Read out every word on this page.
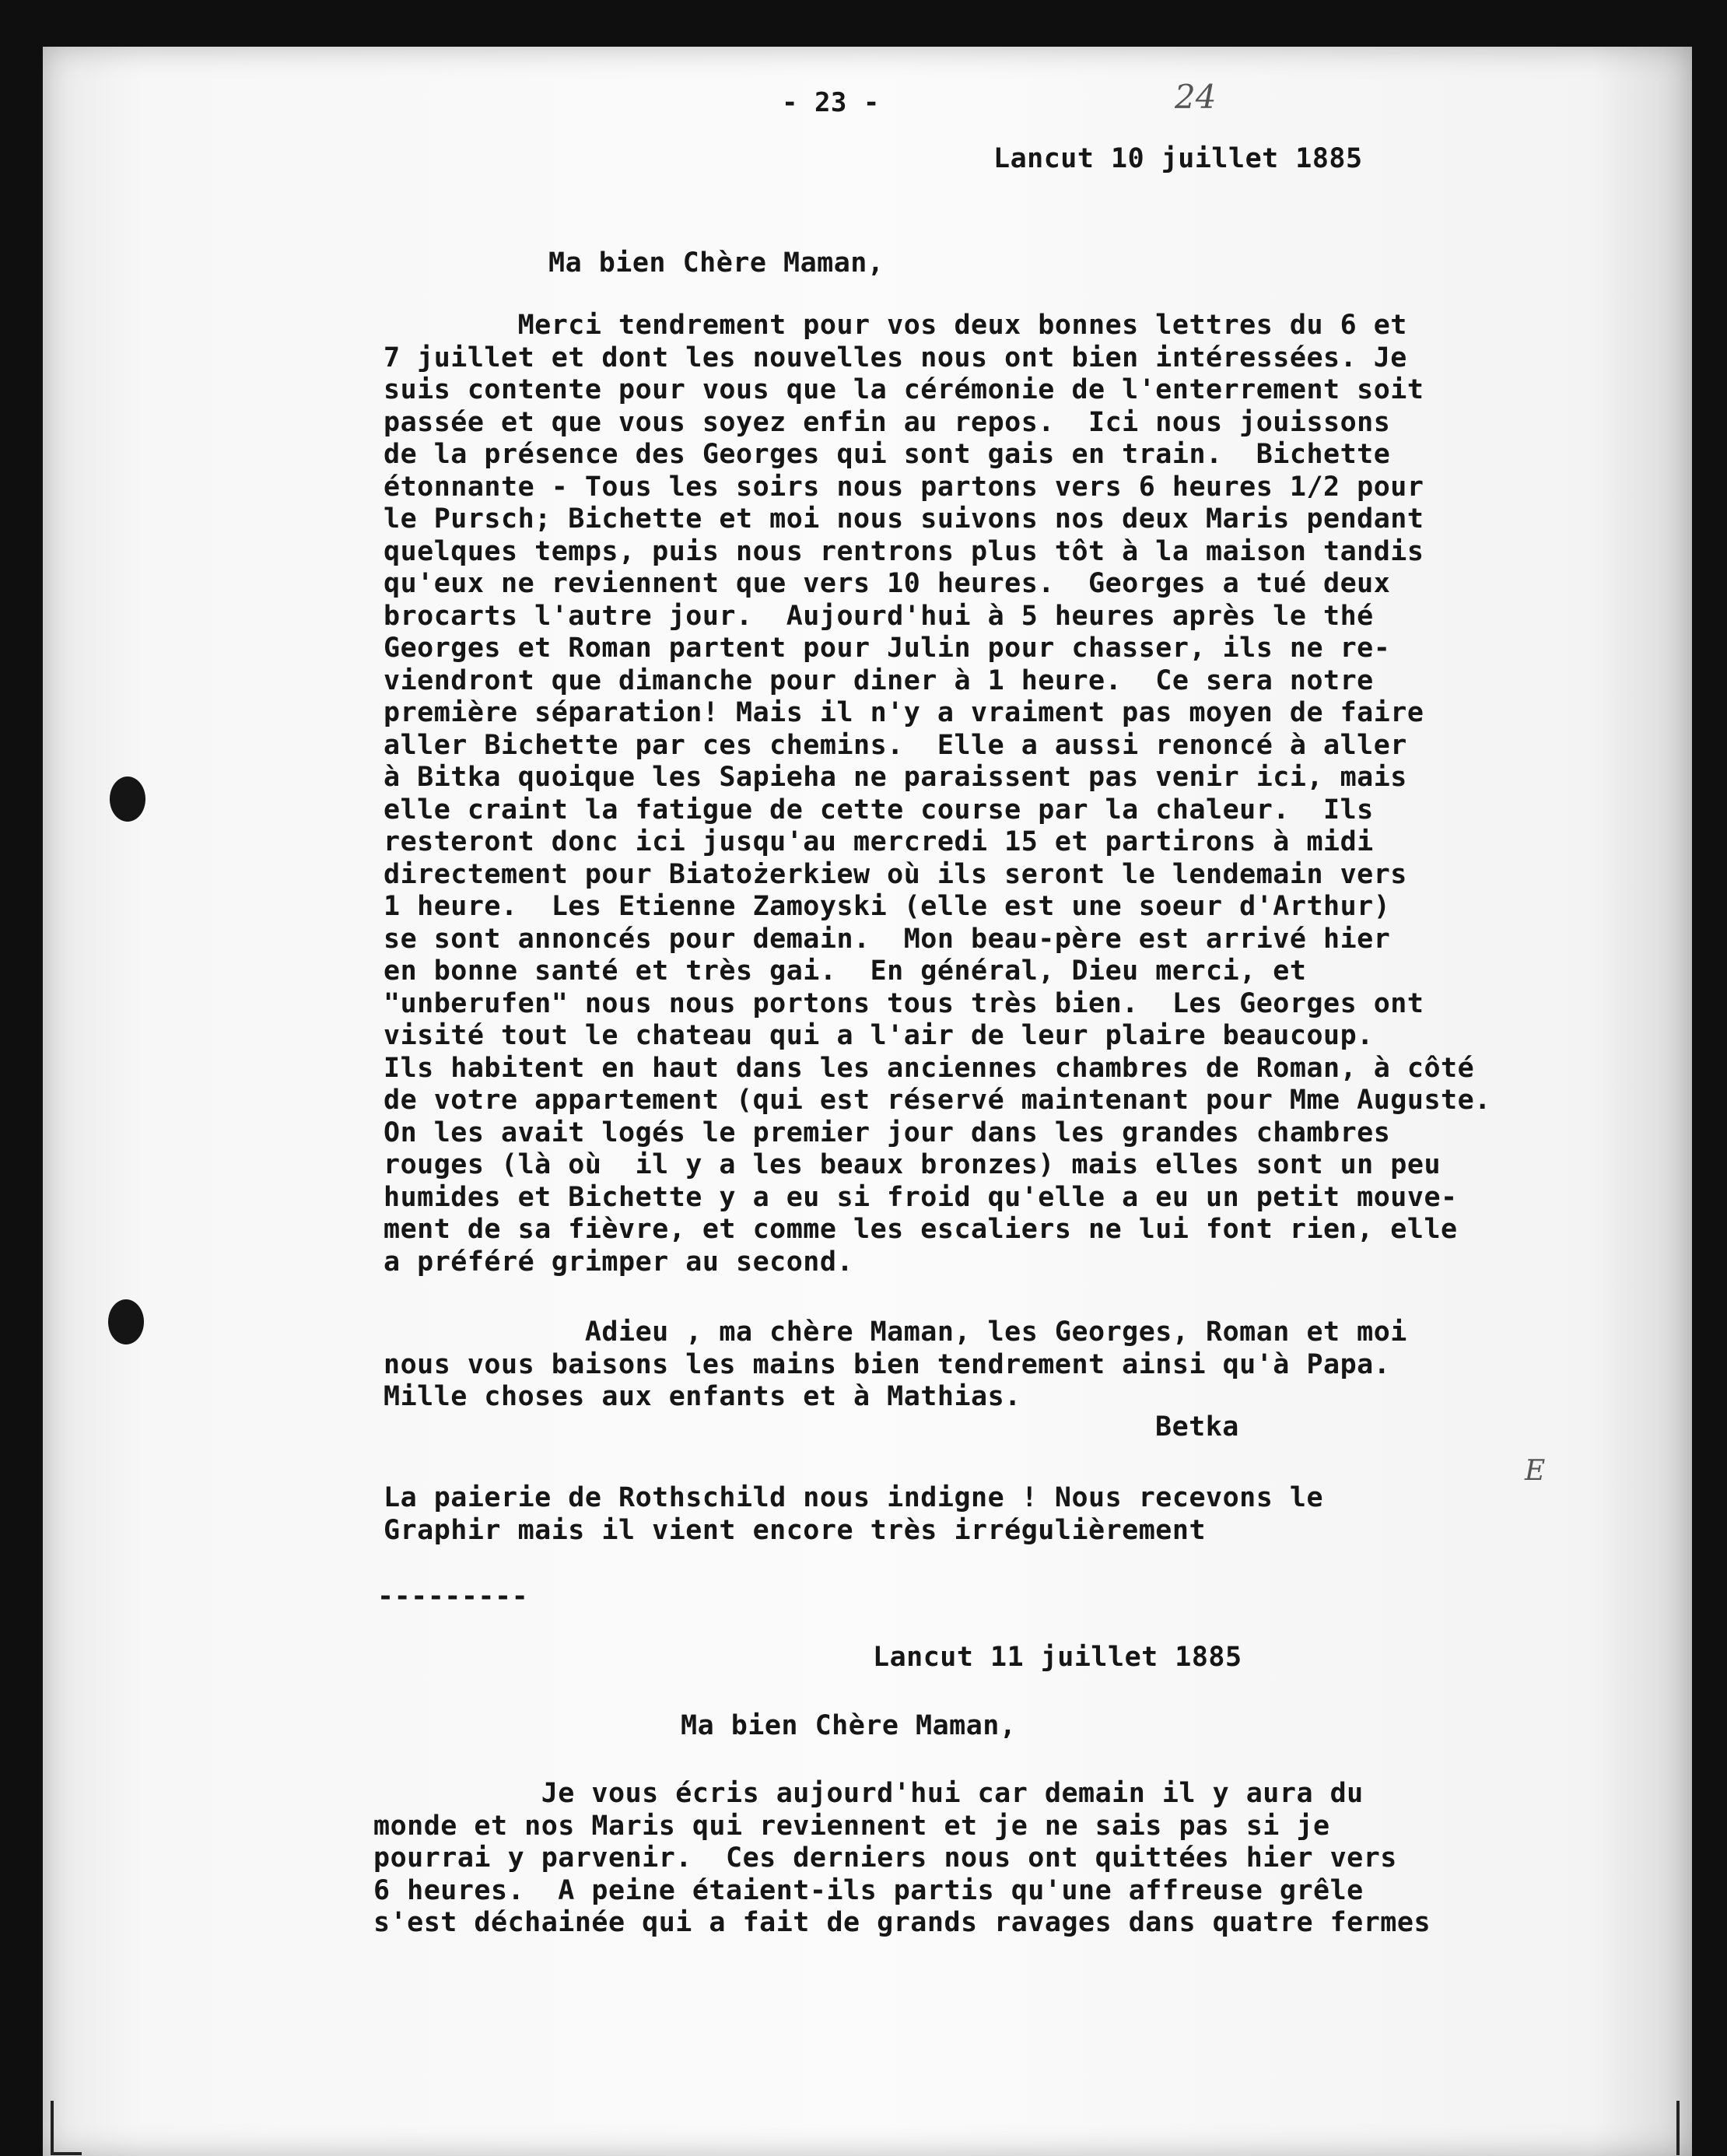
- 23 -	24
Lancut 10 juillet 1885
Ma bien Chère Maman,
Merci tendrement pour vos deux bonnes lettres du 6 et
7 juillet et dont les nouvelles nous ont bien intéressées. Je
suis contente pour vous que la cérémonie de l'enterrement soit
passée et que vous soyez enfin au repos.  Ici nous jouissons
de la présence des Georges qui sont gais en train.  Bichette
étonnante - Tous les soirs nous partons vers 6 heures 1/2 pour
le Pursch; Bichette et moi nous suivons nos deux Maris pendant
quelques temps, puis nous rentrons plus tôt à la maison tandis
qu'eux ne reviennent que vers 10 heures.  Georges a tué deux
brocarts l'autre jour.  Aujourd'hui à 5 heures après le thé
Georges et Roman partent pour Julin pour chasser, ils ne re-
viendront que dimanche pour diner à 1 heure.  Ce sera notre
première séparation! Mais il n'y a vraiment pas moyen de faire
aller Bichette par ces chemins.  Elle a aussi renoncé à aller
à Bitka quoique les Sapieha ne paraissent pas venir ici, mais
elle craint la fatigue de cette course par la chaleur.  Ils
resteront donc ici jusqu'au mercredi 15 et partirons à midi
directement pour Biatożerkiew où ils seront le lendemain vers
1 heure.  Les Etienne Zamoyski (elle est une soeur d'Arthur)
se sont annoncés pour demain.  Mon beau-père est arrivé hier
en bonne santé et très gai.  En général, Dieu merci, et
"unberufen" nous nous portons tous très bien.  Les Georges ont
visité tout le chateau qui a l'air de leur plaire beaucoup.
Ils habitent en haut dans les anciennes chambres de Roman, à côté
de votre appartement (qui est réservé maintenant pour Mme Auguste.
On les avait logés le premier jour dans les grandes chambres
rouges (là où  il y a les beaux bronzes) mais elles sont un peu
humides et Bichette y a eu si froid qu'elle a eu un petit mouve-
ment de sa fièvre, et comme les escaliers ne lui font rien, elle
a préféré grimper au second.
Adieu , ma chère Maman, les Georges, Roman et moi
nous vous baisons les mains bien tendrement ainsi qu'à Papa.
Mille choses aux enfants et à Mathias.
Betka
La paierie de Rothschild nous indigne ! Nous recevons le
Graphir mais il vient encore très irrégulièrement
E
---------
Lancut 11 juillet 1885
Ma bien Chère Maman,
Je vous écris aujourd'hui car demain il y aura du
monde et nos Maris qui reviennent et je ne sais pas si je
pourrai y parvenir.  Ces derniers nous ont quittées hier vers
6 heures.  A peine étaient-ils partis qu'une affreuse grêle
s'est déchainée qui a fait de grands ravages dans quatre fermes
